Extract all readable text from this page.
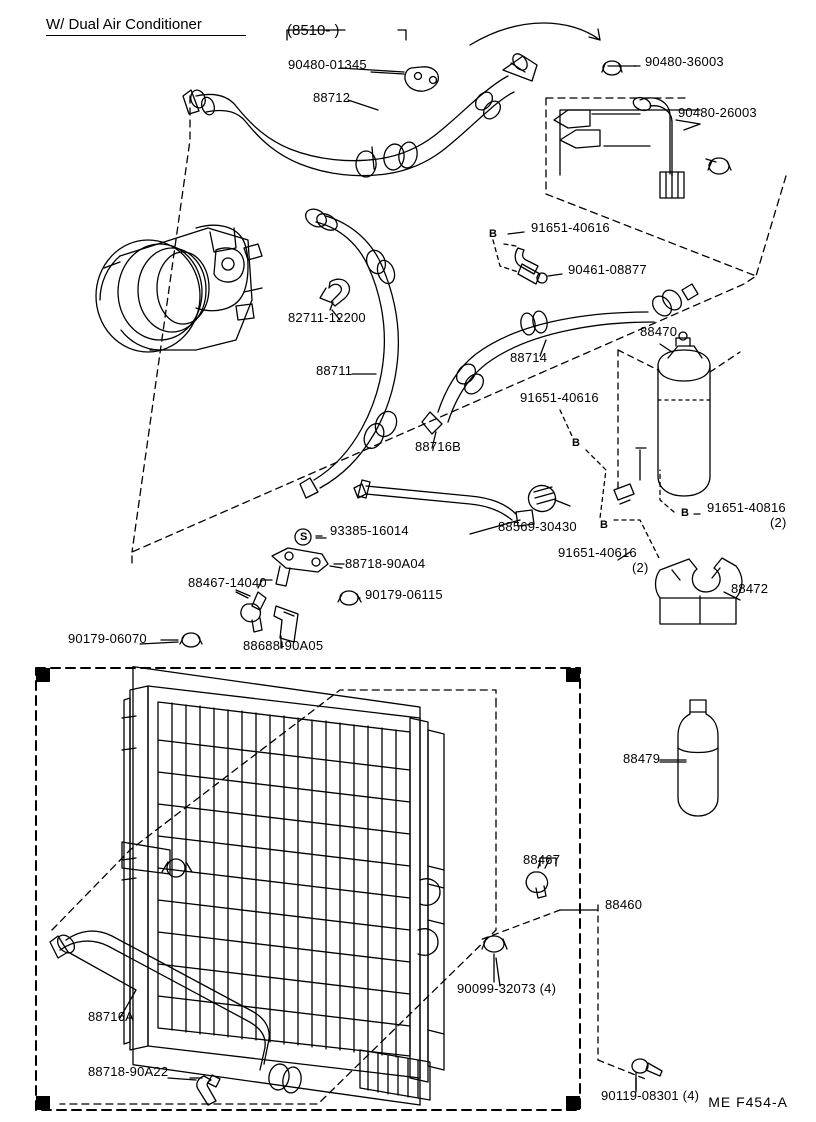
W/ Dual Air Conditioner	(8510- )
90480-01345
88712
90480-36003
90480-26003
91651-40616
90461-08877
82711-12200
88711
88714
88470
91651-40616
88716B
88569-30430
91651-40816
(2)
91651-40616
(2)
88472
93385-16014
88718-90A04
88467-14040
90179-06115
90179-06070	88688-90A05
88479
88467
88460
90099-32073 (4)
88716A
88718-90A22
90119-08301 (4)
B
B
B
B
S
ME F454-A
